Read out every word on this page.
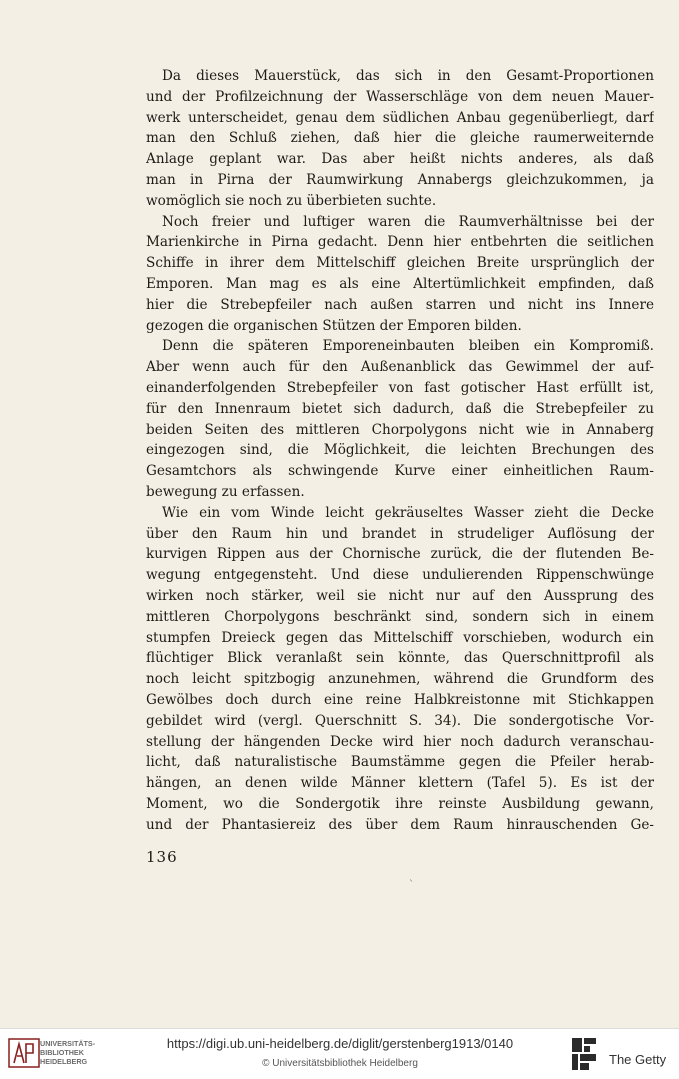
Da dieses Mauerstück, das sich in den Gesamt-Proportionen
und der Profilzeichnung der Wasserschläge von dem neuen Mauer-
werk unterscheidet, genau dem südlichen Anbau gegenüberliegt, darf
man den Schluß ziehen, daß hier die gleiche raumerweiternde
Anlage geplant war. Das aber heißt nichts anderes, als daß
man in Pirna der Raumwirkung Annabergs gleichzukommen, ja
womöglich sie noch zu überbieten suchte.
Noch freier und luftiger waren die Raumverhältnisse bei der
Marienkirche in Pirna gedacht. Denn hier entbehrten die seitlichen
Schiffe in ihrer dem Mittelschiff gleichen Breite ursprünglich der
Emporen. Man mag es als eine Altertümlichkeit empfinden, daß
hier die Strebepfeiler nach außen starren und nicht ins Innere
gezogen die organischen Stützen der Emporen bilden.
Denn die späteren Emporeneinbauten bleiben ein Kompromiß.
Aber wenn auch für den Außenanblick das Gewimmel der auf-
einanderfolgenden Strebepfeiler von fast gotischer Hast erfüllt ist,
für den Innenraum bietet sich dadurch, daß die Strebepfeiler zu
beiden Seiten des mittleren Chorpolygons nicht wie in Annaberg
eingezogen sind, die Möglichkeit, die leichten Brechungen des
Gesamtchors als schwingende Kurve einer einheitlichen Raum-
bewegung zu erfassen.
Wie ein vom Winde leicht gekräuseltes Wasser zieht die Decke
über den Raum hin und brandet in strudeliger Auflösung der
kurvigen Rippen aus der Chornische zurück, die der flutenden Be-
wegung entgegensteht. Und diese undulierenden Rippenschwünge
wirken noch stärker, weil sie nicht nur auf den Aussprung des
mittleren Chorpolygons beschränkt sind, sondern sich in einem
stumpfen Dreieck gegen das Mittelschiff vorschieben, wodurch ein
flüchtiger Blick veranlaßt sein könnte, das Querschnittprofil als
noch leicht spitzbogig anzunehmen, während die Grundform des
Gewölbes doch durch eine reine Halbkreistonne mit Stichkappen
gebildet wird (vergl. Querschnitt S. 34). Die sondergotische Vor-
stellung der hängenden Decke wird hier noch dadurch veranschau-
licht, daß naturalistische Baumstämme gegen die Pfeiler herab-
hängen, an denen wilde Männer klettern (Tafel 5). Es ist der
Moment, wo die Sondergotik ihre reinste Ausbildung gewann,
und der Phantasiereiz des über dem Raum hinrauschenden Ge-
136
`
UNIVERSITÄTS-
BIBLIOTHEK
HEIDELBERG
https://digi.ub.uni-heidelberg.de/diglit/gerstenberg1913/0140
© Universitätsbibliothek Heidelberg	The Getty
